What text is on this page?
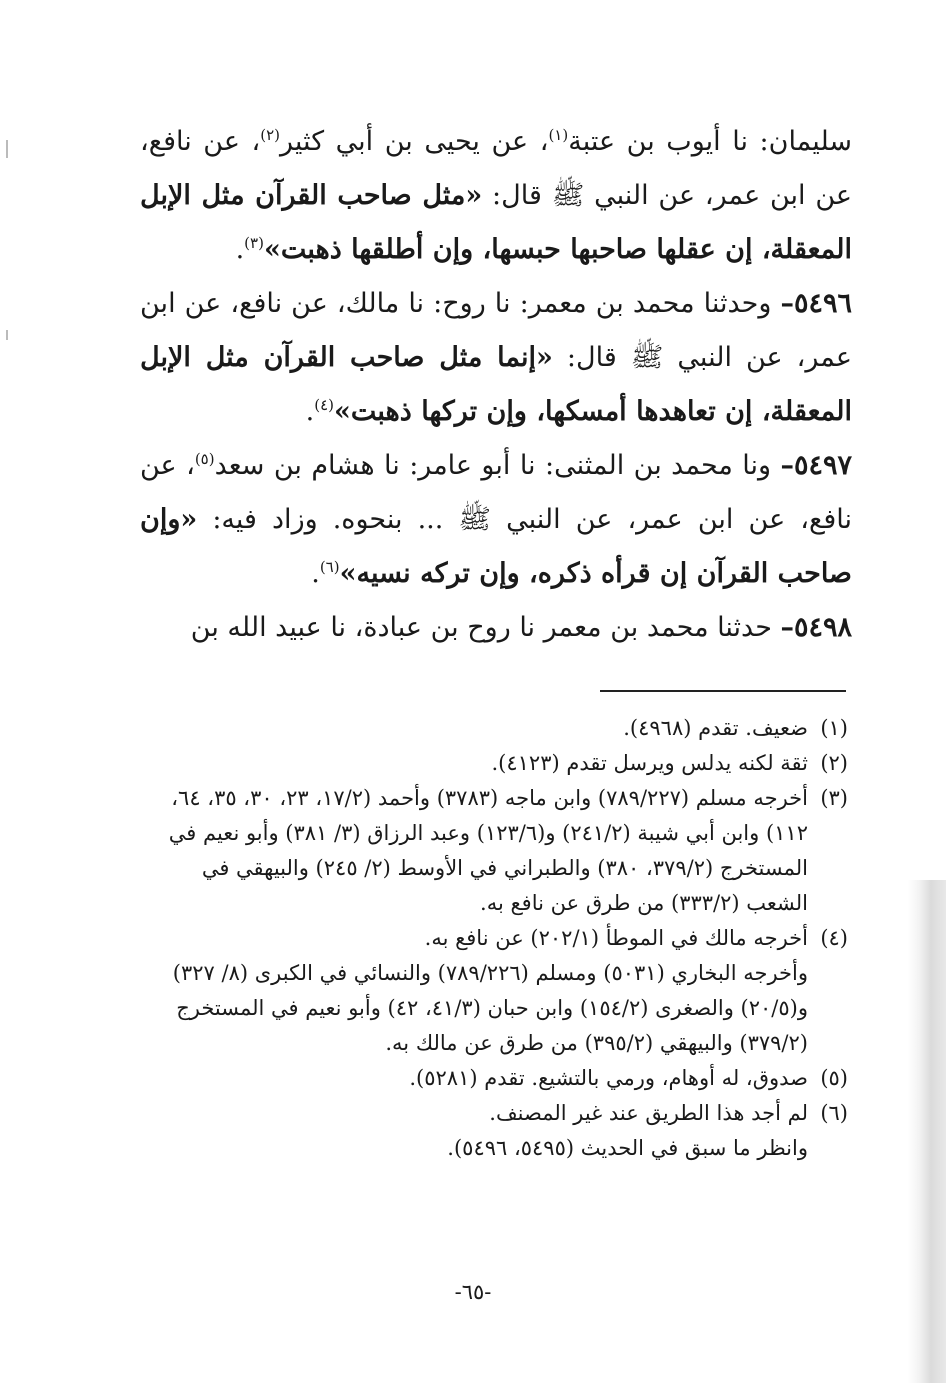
سليمان: نا أيوب بن عتبة$^{(١)}$، عن يحيى بن أبي كثير$^{(٢)}$، عن نافع، عن ابن عمر، عن النبي ﷺ قال: «مثل صاحب القرآن مثل الإبل المعقلة، إن عقلها صاحبها حبسها، وإن أطلقها ذهبت»$^{(٣)}$.

٥٤٩٦– وحدثنا محمد بن معمر: نا روح: نا مالك، عن نافع، عن ابن عمر، عن النبي ﷺ قال: «إنما مثل صاحب القرآن مثل الإبل المعقلة، إن تعاهدها أمسكها، وإن تركها ذهبت»$^{(٤)}$.

٥٤٩٧– ونا محمد بن المثنى: نا أبو عامر: نا هشام بن سعد$^{(٥)}$، عن نافع، عن ابن عمر، عن النبي ﷺ ... بنحوه. وزاد فيه: «وإن صاحب القرآن إن قرأه ذكره، وإن تركه نسيه»$^{(٦)}$.

٥٤٩٨– حدثنا محمد بن معمر نا روح بن عبادة، نا عبيد الله بن

(١)
ضعيف. تقدم (٤٩٦٨).

(٢)
ثقة لكنه يدلس ويرسل تقدم (٤١٢٣).

(٣)
أخرجه مسلم (٧٨٩/٢٢٧) وابن ماجه (٣٧٨٣) وأحمد (١٧/٢، ٢٣، ٣٠، ٣٥، ٦٤، ١١٢) وابن أبي شيبة (٢٤١/٢) و(١٢٣/٦) وعبد الرزاق (٣/ ٣٨١) وأبو نعيم في المستخرج (٣٧٩/٢، ٣٨٠) والطبراني في الأوسط (٢/ ٢٤٥) والبيهقي في الشعب (٣٣٣/٢) من طرق عن نافع به.

(٤)
أخرجه مالك في الموطأ (٢٠٢/١) عن نافع به.

وأخرجه البخاري (٥٠٣١) ومسلم (٧٨٩/٢٢٦) والنسائي في الكبرى (٨/ ٣٢٧) و(٢٠/٥) والصغرى (١٥٤/٢) وابن حبان (٤١/٣، ٤٢) وأبو نعيم في المستخرج (٣٧٩/٢) والبيهقي (٣٩٥/٢) من طرق عن مالك به.

(٥)
صدوق، له أوهام، ورمي بالتشيع. تقدم (٥٢٨١).

(٦)
لم أجد هذا الطريق عند غير المصنف.

وانظر ما سبق في الحديث (٥٤٩٥، ٥٤٩٦).

-٦٥-
